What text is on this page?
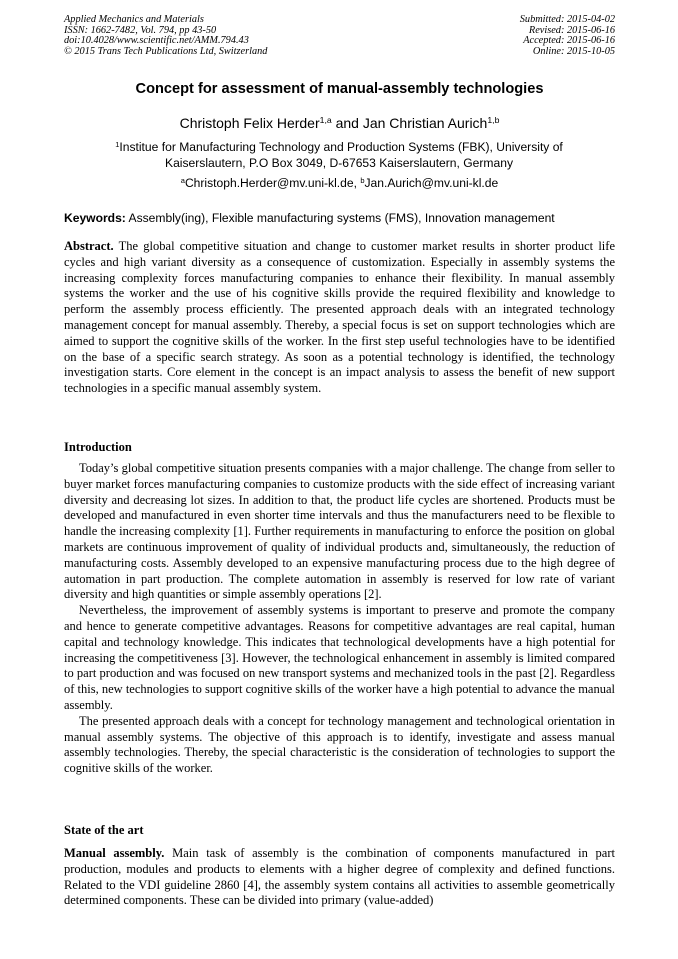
Applied Mechanics and Materials
ISSN: 1662-7482, Vol. 794, pp 43-50
doi:10.4028/www.scientific.net/AMM.794.43
© 2015 Trans Tech Publications Ltd, Switzerland
Submitted: 2015-04-02
Revised: 2015-06-16
Accepted: 2015-06-16
Online: 2015-10-05
Concept for assessment of manual-assembly technologies
Christoph Felix Herder$^{1,a}$ and Jan Christian Aurich$^{1,b}$
$^1$Institue for Manufacturing Technology and Production Systems (FBK), University of Kaiserslautern, P.O Box 3049, D-67653 Kaiserslautern, Germany
$^a$Christoph.Herder@mv.uni-kl.de, $^b$Jan.Aurich@mv.uni-kl.de
Keywords: Assembly(ing), Flexible manufacturing systems (FMS), Innovation management

Abstract. The global competitive situation and change to customer market results in shorter product life cycles and high variant diversity as a consequence of customization. Especially in assembly systems the increasing complexity forces manufacturing companies to enhance their flexibility. In manual assembly systems the worker and the use of his cognitive skills provide the required flexibility and knowledge to perform the assembly process efficiently. The presented approach deals with an integrated technology management concept for manual assembly. Thereby, a special focus is set on support technologies which are aimed to support the cognitive skills of the worker. In the first step useful technologies have to be identified on the base of a specific search strategy. As soon as a potential technology is identified, the technology investigation starts. Core element in the concept is an impact analysis to assess the benefit of new support technologies in a specific manual assembly system.

Introduction

Today’s global competitive situation presents companies with a major challenge. The change from seller to buyer market forces manufacturing companies to customize products with the side effect of increasing variant diversity and decreasing lot sizes. In addition to that, the product life cycles are shortened. Products must be developed and manufactured in even shorter time intervals and thus the manufacturers need to be flexible to handle the increasing complexity [1]. Further requirements in manufacturing to enforce the position on global markets are continuous improvement of quality of individual products and, simultaneously, the reduction of manufacturing costs. Assembly developed to an expensive manufacturing process due to the high degree of automation in part production. The complete automation in assembly is reserved for low rate of variant diversity and high quantities or simple assembly operations [2].

Nevertheless, the improvement of assembly systems is important to preserve and promote the company and hence to generate competitive advantages. Reasons for competitive advantages are real capital, human capital and technology knowledge. This indicates that technological developments have a high potential for increasing the competitiveness [3]. However, the technological enhancement in assembly is limited compared to part production and was focused on new transport systems and mechanized tools in the past [2]. Regardless of this, new technologies to support cognitive skills of the worker have a high potential to advance the manual assembly.

The presented approach deals with a concept for technology management and technological orientation in manual assembly systems. The objective of this approach is to identify, investigate and assess manual assembly technologies. Thereby, the special characteristic is the consideration of technologies to support the cognitive skills of the worker.

State of the art

Manual assembly. Main task of assembly is the combination of components manufactured in part production, modules and products to elements with a higher degree of complexity and defined functions. Related to the VDI guideline 2860 [4], the assembly system contains all activities to assemble geometrically determined components. These can be divided into primary (value-added)
